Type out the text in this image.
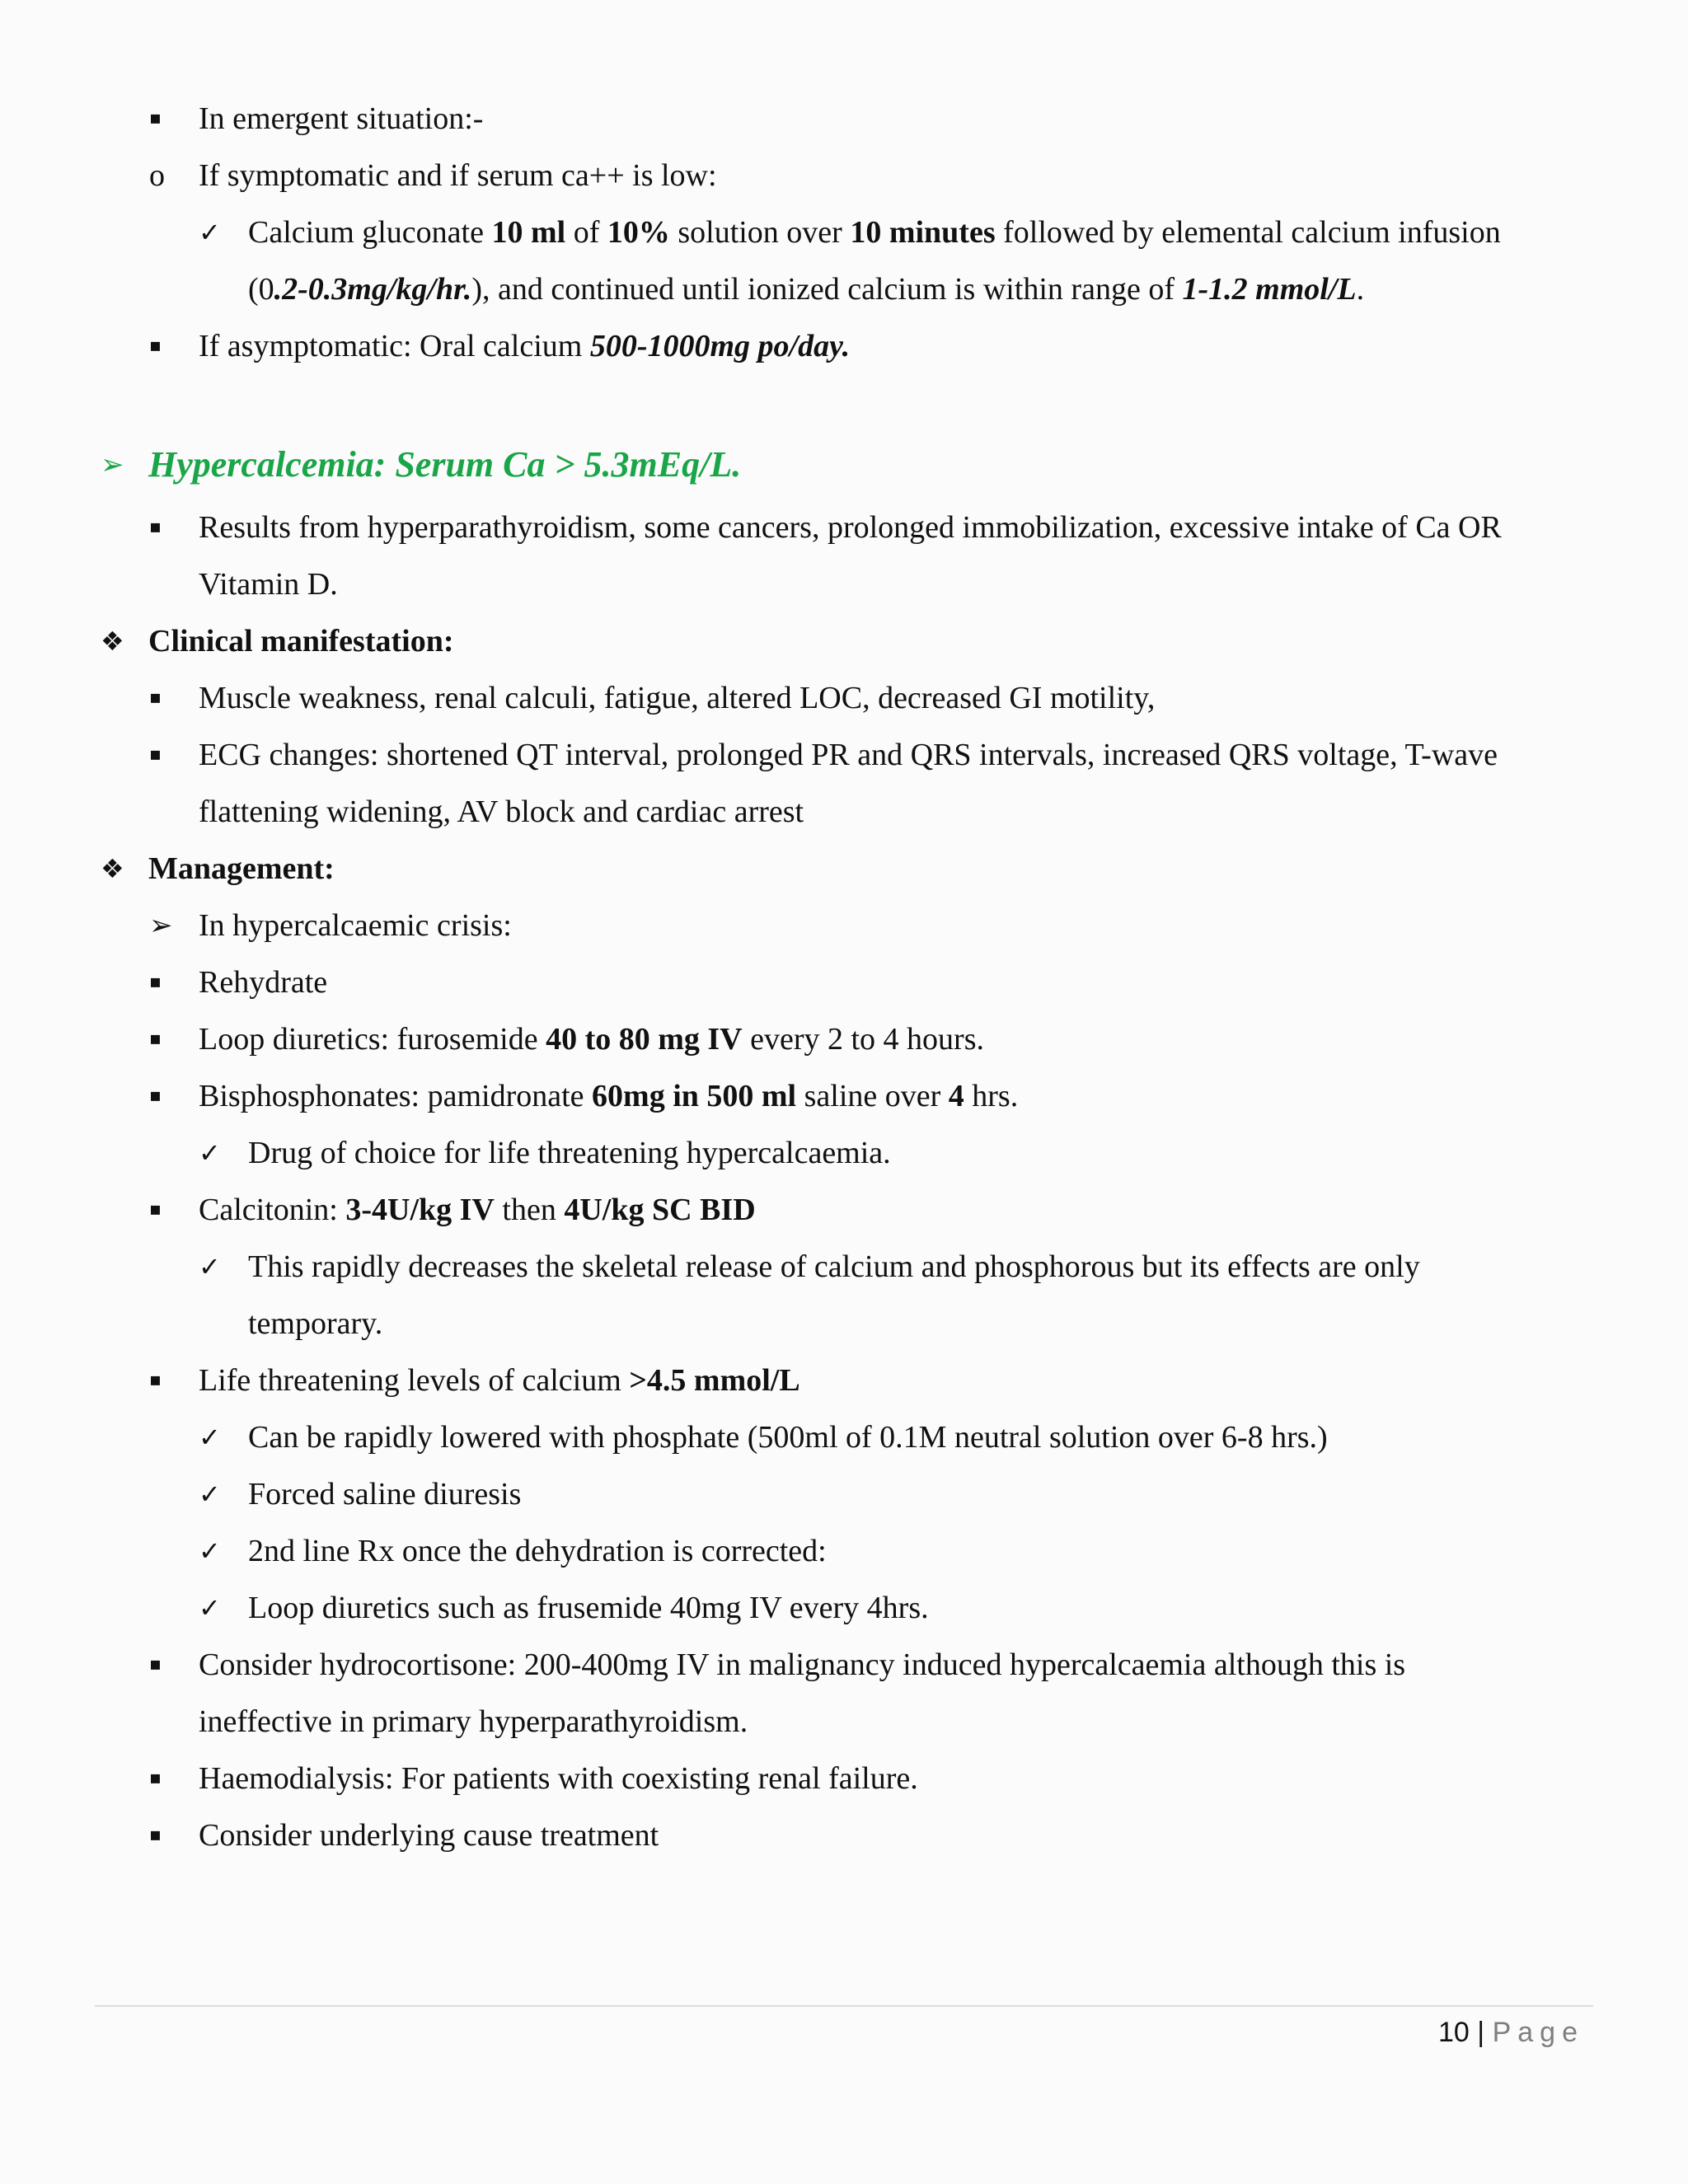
▪ In emergent situation:-
o If symptomatic and if serum ca++ is low:
✓ Calcium gluconate 10 ml of 10% solution over 10 minutes followed by elemental calcium infusion
(0.2-0.3mg/kg/hr.), and continued until ionized calcium is within range of 1-1.2 mmol/L.
▪ If asymptomatic: Oral calcium 500-1000mg po/day.
➢ Hypercalcemia: Serum Ca > 5.3mEq/L.
▪ Results from hyperparathyroidism, some cancers, prolonged immobilization, excessive intake of Ca OR
Vitamin D.
❖ Clinical manifestation:
▪ Muscle weakness, renal calculi, fatigue, altered LOC, decreased GI motility,
▪ ECG changes: shortened QT interval, prolonged PR and QRS intervals, increased QRS voltage, T-wave
flattening widening, AV block and cardiac arrest
❖ Management:
➢ In hypercalcaemic crisis:
▪ Rehydrate
▪ Loop diuretics: furosemide 40 to 80 mg IV every 2 to 4 hours.
▪ Bisphosphonates: pamidronate 60mg in 500 ml saline over 4 hrs.
✓ Drug of choice for life threatening hypercalcaemia.
▪ Calcitonin: 3-4U/kg IV then 4U/kg SC BID
✓ This rapidly decreases the skeletal release of calcium and phosphorous but its effects are only
temporary.
▪ Life threatening levels of calcium >4.5 mmol/L
✓ Can be rapidly lowered with phosphate (500ml of 0.1M neutral solution over 6-8 hrs.)
✓ Forced saline diuresis
✓ 2nd line Rx once the dehydration is corrected:
✓ Loop diuretics such as frusemide 40mg IV every 4hrs.
▪ Consider hydrocortisone: 200-400mg IV in malignancy induced hypercalcaemia although this is
ineffective in primary hyperparathyroidism.
▪ Haemodialysis: For patients with coexisting renal failure.
▪ Consider underlying cause treatment
10 | Page
